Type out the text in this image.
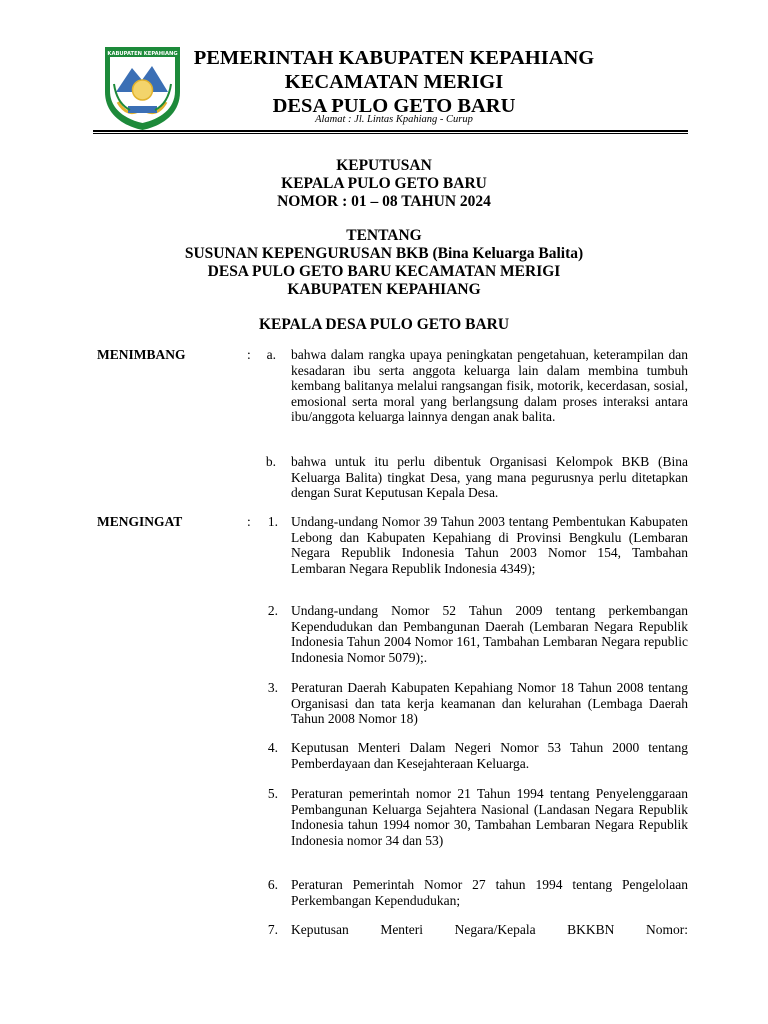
KABUPATEN KEPAHIANG PEMERINTAH KABUPATEN KEPAHIANG
KECAMATAN MERIGI
DESA PULO GETO BARU
Alamat : Jl. Lintas Kpahiang - Curup
KEPUTUSAN
KEPALA PULO GETO BARU
NOMOR : 01 – 08 TAHUN 2024
TENTANG
SUSUNAN KEPENGURUSAN BKB (Bina Keluarga Balita)
DESA PULO GETO BARU KECAMATAN MERIGI
KABUPATEN KEPAHIANG
KEPALA DESA PULO GETO BARU
MENIMBANG	:	a. bahwa dalam rangka upaya peningkatan pengetahuan, keterampilan dan kesadaran ibu serta anggota keluarga lain dalam membina tumbuh kembang balitanya melalui rangsangan fisik, motorik, kecerdasan, sosial, emosional serta moral yang berlangsung dalam proses interaksi antara ibu/anggota keluarga lainnya dengan anak balita.

b. bahwa untuk itu perlu dibentuk Organisasi Kelompok BKB (Bina Keluarga Balita) tingkat Desa, yang mana pegurusnya perlu ditetapkan dengan Surat Keputusan Kepala Desa.

MENGINGAT	:	1. Undang-undang Nomor 39 Tahun 2003 tentang Pembentukan Kabupaten Lebong dan Kabupaten Kepahiang di Provinsi Bengkulu (Lembaran Negara Republik Indonesia Tahun 2003 Nomor 154, Tambahan Lembaran Negara Republik Indonesia 4349);

2. Undang-undang Nomor 52 Tahun 2009 tentang perkembangan Kependudukan dan Pembangunan Daerah (Lembaran Negara Republik Indonesia Tahun 2004 Nomor 161, Tambahan Lembaran Negara republic Indonesia Nomor 5079);.

3. Peraturan Daerah Kabupaten Kepahiang Nomor 18 Tahun 2008 tentang Organisasi dan tata kerja keamanan dan kelurahan (Lembaga Daerah Tahun 2008 Nomor 18)

4. Keputusan Menteri Dalam Negeri Nomor 53 Tahun 2000 tentang Pemberdayaan dan Kesejahteraan Keluarga.

5. Peraturan pemerintah nomor 21 Tahun 1994 tentang Penyelenggaraan Pembangunan Keluarga Sejahtera Nasional (Landasan Negara Republik Indonesia tahun 1994 nomor 30, Tambahan Lembaran Negara Republik Indonesia nomor 34 dan 53)

6. Peraturan Pemerintah Nomor 27 tahun 1994 tentang Pengelolaan Perkembangan Kependudukan;

7. Keputusan Menteri Negara/Kepala BKKBN Nomor:
